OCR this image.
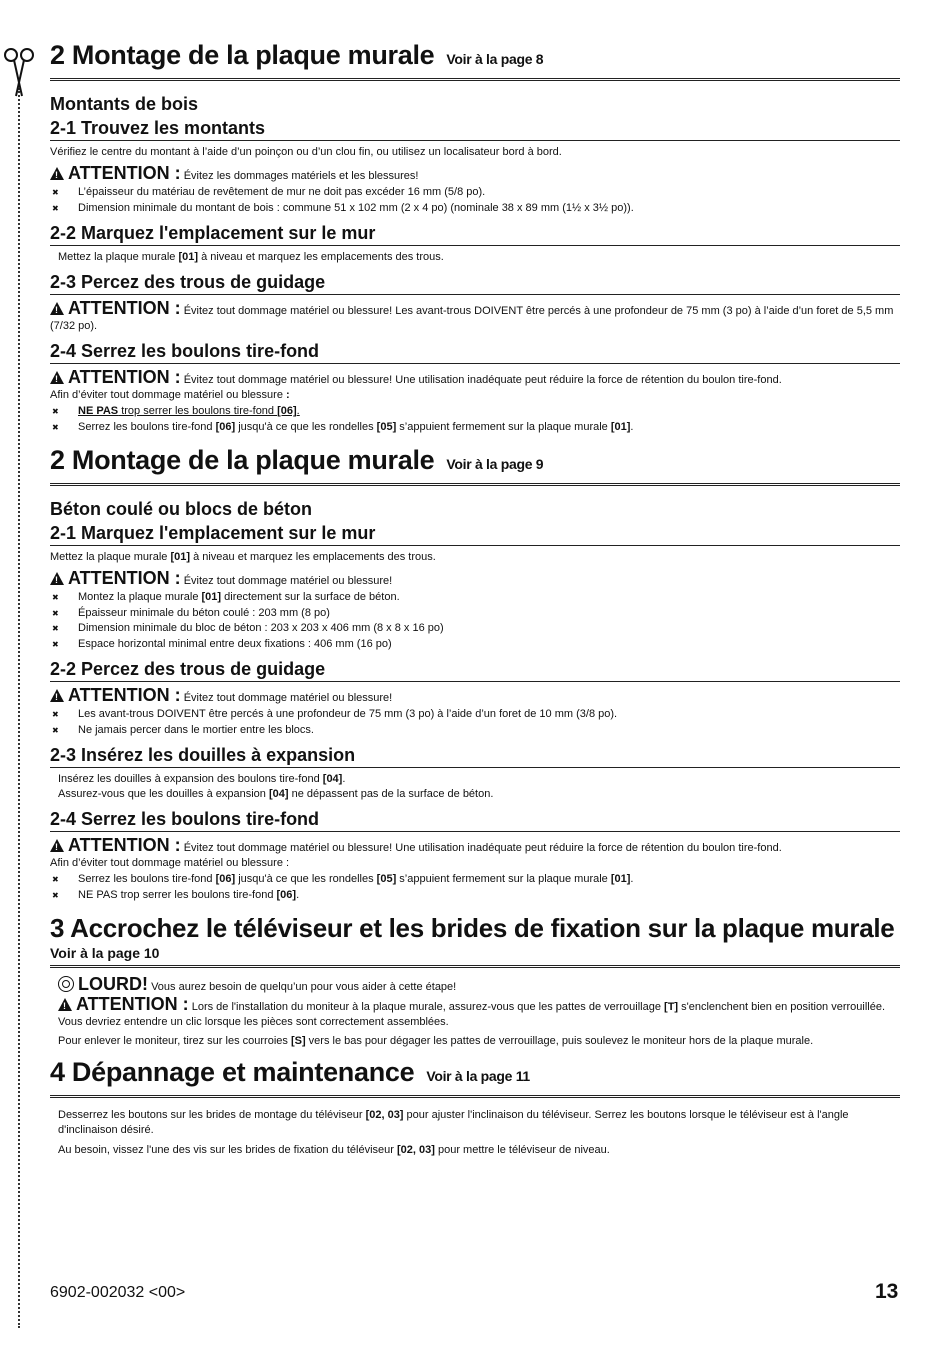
2 Montage de la plaque murale Voir à la page 8
Montants de bois
2-1 Trouvez les montants
Vérifiez le centre du montant à l’aide d’un poinçon ou d’un clou fin, ou utilisez un localisateur bord à bord.
!ATTENTION : Évitez les dommages matériels et les blessures!
✖ L’épaisseur du matériau de revêtement de mur ne doit pas excéder 16 mm (5/8 po).
✖ Dimension minimale du montant de bois : commune 51 x 102 mm (2 x 4 po) (nominale 38 x 89 mm (1½ x 3½ po)).
2-2 Marquez l'emplacement sur le mur
Mettez la plaque murale [01] à niveau et marquez les emplacements des trous.
2-3 Percez des trous de guidage
!ATTENTION : Évitez tout dommage matériel ou blessure! Les avant-trous DOIVENT être percés à une profondeur de 75 mm (3 po) à l’aide d’un foret de 5,5 mm (7/32 po).
2-4 Serrez les boulons tire-fond
!ATTENTION : Évitez tout dommage matériel ou blessure! Une utilisation inadéquate peut réduire la force de rétention du boulon tire-fond.
Afin d’éviter tout dommage matériel ou blessure :
✖ NE PAS trop serrer les boulons tire-fond [06].
✖ Serrez les boulons tire-fond [06] jusqu'à ce que les rondelles [05] s’appuient fermement sur la plaque murale [01].
2 Montage de la plaque murale Voir à la page 9
Béton coulé ou blocs de béton
2-1 Marquez l'emplacement sur le mur
Mettez la plaque murale [01] à niveau et marquez les emplacements des trous.
!ATTENTION : Évitez tout dommage matériel ou blessure!
✖ Montez la plaque murale [01] directement sur la surface de béton.
✖ Épaisseur minimale du béton coulé : 203 mm (8 po)
✖ Dimension minimale du bloc de béton : 203 x 203 x 406 mm (8 x 8 x 16 po)
✖ Espace horizontal minimal entre deux fixations : 406 mm (16 po)
2-2 Percez des trous de guidage
!ATTENTION : Évitez tout dommage matériel ou blessure!
✖ Les avant-trous DOIVENT être percés à une profondeur de 75 mm (3 po) à l’aide d’un foret de 10 mm (3/8 po).
✖ Ne jamais percer dans le mortier entre les blocs.
2-3 Insérez les douilles à expansion
Insérez les douilles à expansion des boulons tire-fond [04].
Assurez-vous que les douilles à expansion [04] ne dépassent pas de la surface de béton.
2-4 Serrez les boulons tire-fond
!ATTENTION : Évitez tout dommage matériel ou blessure! Une utilisation inadéquate peut réduire la force de rétention du boulon tire-fond.
Afin d’éviter tout dommage matériel ou blessure :
✖ Serrez les boulons tire-fond [06] jusqu'à ce que les rondelles [05] s’appuient fermement sur la plaque murale [01].
✖ NE PAS trop serrer les boulons tire-fond [06].
3 Accrochez le téléviseur et les brides de fixation sur la plaque murale
Voir à la page 10
LOURD! Vous aurez besoin de quelqu’un pour vous aider à cette étape!
!ATTENTION : Lors de l'installation du moniteur à la plaque murale, assurez-vous que les pattes de verrouillage [T] s'enclenchent bien en position verrouillée. Vous devriez entendre un clic lorsque les pièces sont correctement assemblées.
Pour enlever le moniteur, tirez sur les courroies [S] vers le bas pour dégager les pattes de verrouillage, puis soulevez le moniteur hors de la plaque murale.
4 Dépannage et maintenance Voir à la page 11
Desserrez les boutons sur les brides de montage du téléviseur [02, 03] pour ajuster l'inclinaison du téléviseur. Serrez les boutons lorsque le téléviseur est à l'angle d'inclinaison désiré.
Au besoin, vissez l'une des vis sur les brides de fixation du téléviseur [02, 03] pour mettre le téléviseur de niveau.
6902-002032 <00>	13
